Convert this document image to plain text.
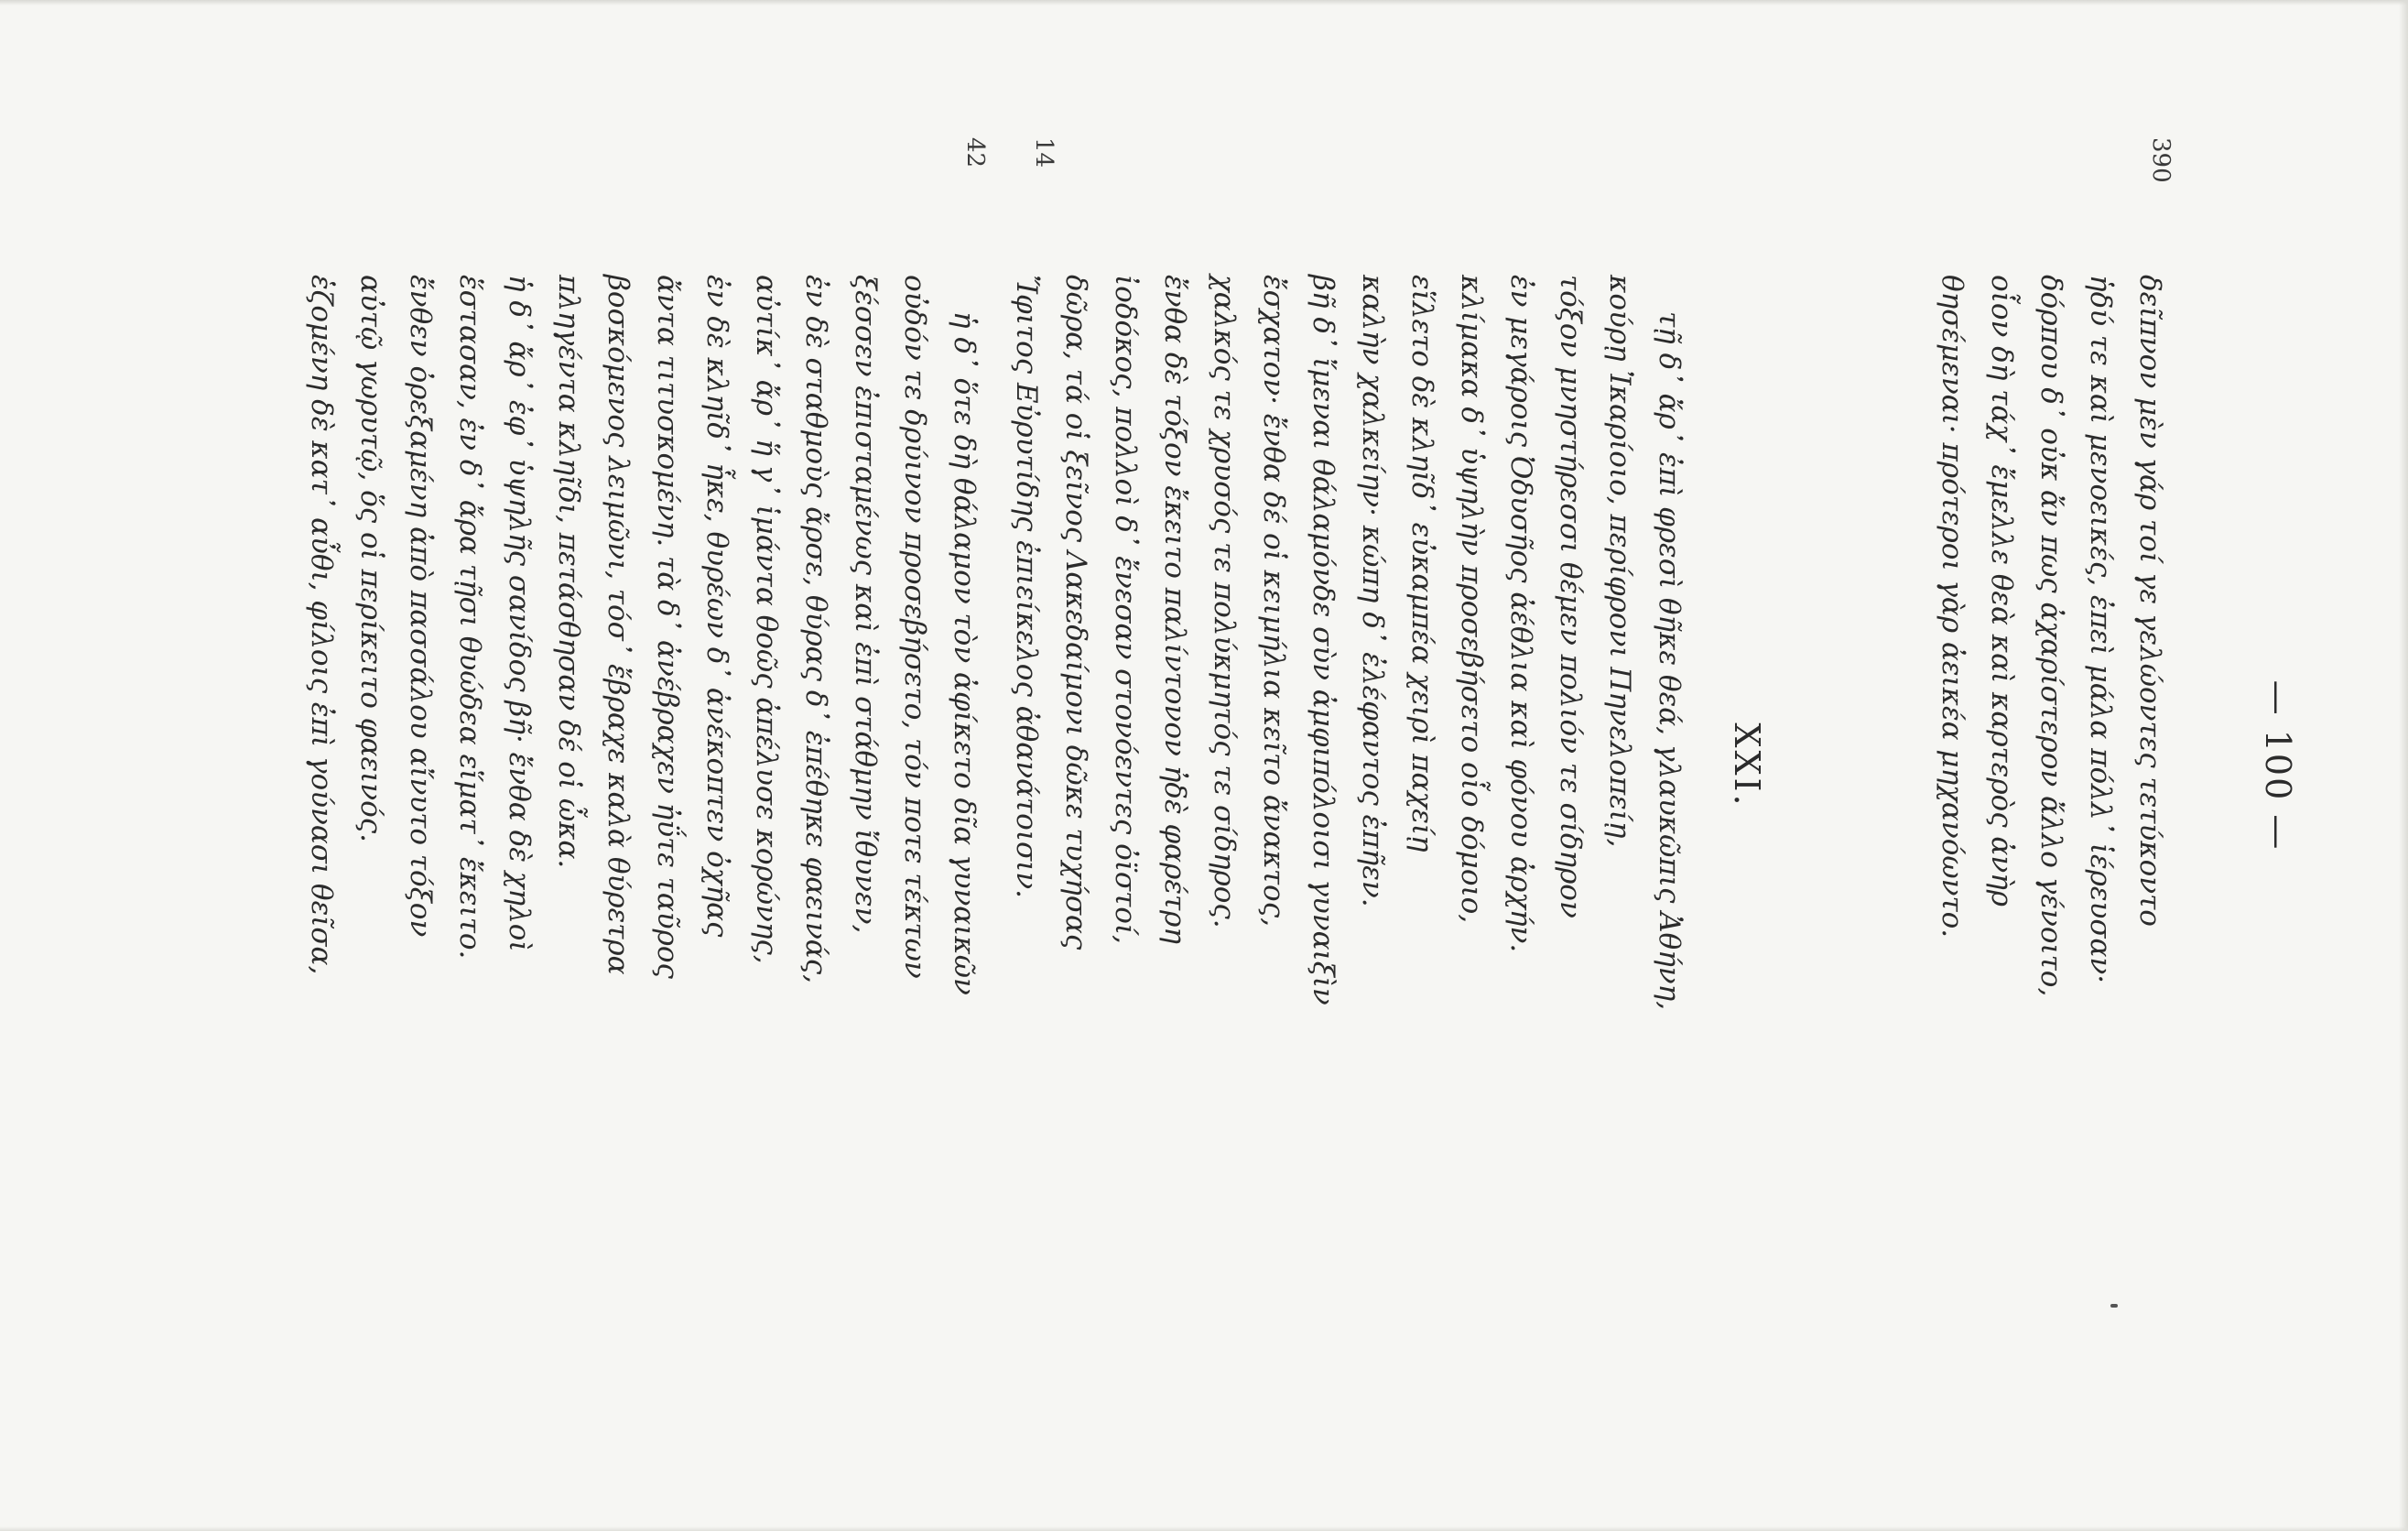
— 100 —
390
δεῖπνον μὲν γάρ τοί γε γελώοντες τετύκοντο
ἡδύ τε καὶ μενοεικές, ἐπεὶ μάλα πόλλ᾽ ἱέρευσαν·
δόρπου δ᾽ οὐκ ἄν πως ἀχαρίστερον ἄλλο γένοιτο,
οἷον δὴ τάχ᾽ ἔμελλε θεὰ καὶ καρτερὸς ἀνὴρ
θησέμεναι· πρότεροι γὰρ ἀεικέα μηχανόωντο.
XXI.
τῇ δ᾽ ἄρ᾽ ἐπὶ φρεσὶ θῆκε θεά, γλαυκῶπις Ἀθήνη,
κούρῃ Ἰκαρίοιο, περίφρονι Πηνελοπείῃ,
τόξον μνηστήρεσσι θέμεν πολιόν τε σίδηρον
ἐν μεγάροις Ὀδυσῆος ἀέθλια καὶ φόνου ἀρχήν.
κλίμακα δ᾽ ὑψηλὴν προσεβήσετο οἷο δόμοιο,
εἵλετο δὲ κληῖδ᾽ εὐκαμπέα χειρὶ παχείῃ
καλὴν χαλκείην· κώπη δ᾽ ἐλέφαντος ἐπῆεν.
βῆ δ᾽ ἴμεναι θάλαμόνδε σὺν ἀμφιπόλοισι γυναιξὶν
ἔσχατον· ἔνθα δέ οἱ κειμήλια κεῖτο ἄνακτος,
χαλκός τε χρυσός τε πολύκμητός τε σίδηρος.
ἔνθα δὲ τόξον ἔκειτο παλίντονον ἠδὲ φαρέτρη
ἰοδόκος, πολλοὶ δ᾽ ἔνεσαν στονόεντες ὀϊστοί,
δῶρα, τά οἱ ξεῖνος Λακεδαίμονι δῶκε τυχήσας
Ἴφιτος Εὐρυτίδης ἐπιείκελος ἀθανάτοισιν.
14
42
ἡ δ᾽ ὅτε δὴ θάλαμον τὸν ἀφίκετο δῖα γυναικῶν
οὐδόν τε δρύινον προσεβήσετο, τόν ποτε τέκτων
ξέσσεν ἐπισταμένως καὶ ἐπὶ στάθμην ἴθυνεν,
ἐν δὲ σταθμοὺς ἄρσε, θύρας δ᾽ ἐπέθηκε φαεινάς,
αὐτίκ᾽ ἄρ᾽ ἥ γ᾽ ἱμάντα θοῶς ἀπέλυσε κορώνης,
ἐν δὲ κληῖδ᾽ ἧκε, θυρέων δ᾽ ἀνέκοπτεν ὀχῆας
ἄντα τιτυσκομένη. τὰ δ᾽ ἀνέβραχεν ἠΰτε ταῦρος
βοσκόμενος λειμῶνι, τόσ᾽ ἔβραχε καλὰ θύρετρα
πληγέντα κληῖδι, πετάσθησαν δέ οἱ ὦκα.
ἡ δ᾽ ἄρ᾽ ἐφ᾽ ὑψηλῆς σανίδος βῆ· ἔνθα δὲ χηλοὶ
ἕστασαν, ἐν δ᾽ ἄρα τῇσι θυώδεα εἵματ᾽ ἔκειτο.
ἔνθεν ὀρεξαμένη ἀπὸ πασσάλου αἴνυτο τόξον
αὐτῷ γωρυτῷ, ὅς οἱ περίκειτο φαεινός.
ἑζομένη δὲ κατ᾽ αὖθι, φίλοις ἐπὶ γούνασι θεῖσα,
